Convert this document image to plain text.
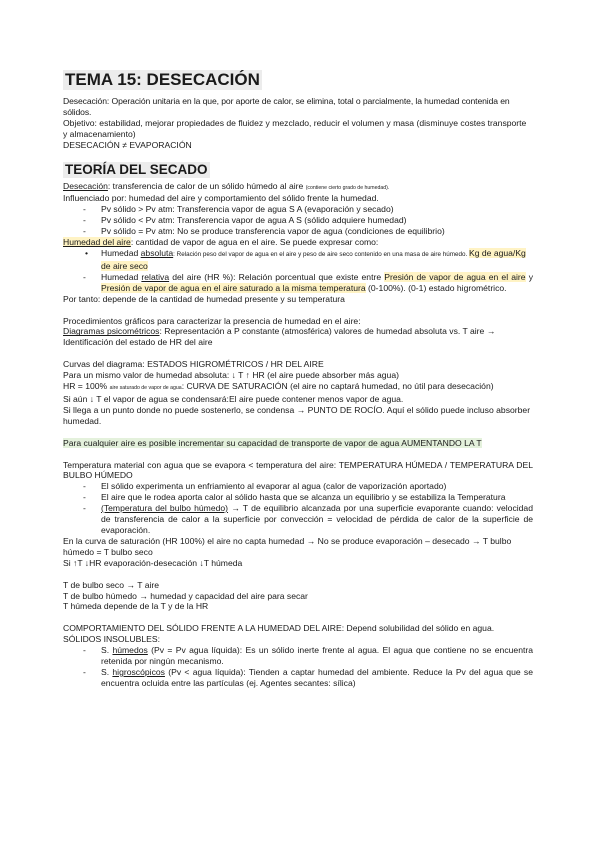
TEMA 15: DESECACIÓN

Desecación: Operación unitaria en la que, por aporte de calor, se elimina, total o parcialmente, la humedad contenida en sólidos.

Objetivo: estabilidad, mejorar propiedades de fluidez y mezclado, reducir el volumen y masa (disminuye costes transporte y almacenamiento)

DESECACIÓN ≠ EVAPORACIÓN

TEORÍA DEL SECADO

Desecación: transferencia de calor de un sólido húmedo al aire (contiene cierto grado de humedad).

Influenciado por: humedad del aire y comportamiento del sólido frente la humedad.

- Pv sólido > Pv atm: Transferencia vapor de agua S A (evaporación y secado)
- Pv sólido < Pv atm: Transferencia vapor de agua A S (sólido adquiere humedad)
- Pv sólido = Pv atm: No se produce transferencia vapor de agua (condiciones de equilibrio)

Humedad del aire: cantidad de vapor de agua en el aire. Se puede expresar como:

• Humedad absoluta: Relación peso del vapor de agua en el aire y peso de aire seco contenido en una masa de aire húmedo. Kg de agua/Kg de aire seco
- Humedad relativa del aire (HR %): Relación porcentual que existe entre Presión de vapor de agua en el aire y Presión de vapor de agua en el aire saturado a la misma temperatura (0-100%). (0-1) estado higrométrico.

Por tanto: depende de la cantidad de humedad presente y su temperatura

Procedimientos gráficos para caracterizar la presencia de humedad en el aire:

Diagramas psicométricos: Representación a P constante (atmosférica) valores de humedad absoluta vs. T aire → Identificación del estado de HR del aire

Curvas del diagrama: ESTADOS HIGROMÉTRICOS / HR DEL AIRE

Para un mismo valor de humedad absoluta: ↓ T ↑ HR (el aire puede absorber más agua)

HR = 100% aire saturado de vapor de agua: CURVA DE SATURACIÓN (el aire no captará humedad, no útil para desecación)

Si aún ↓ T el vapor de agua se condensará:El aire puede contener menos vapor de agua.

Si llega a un punto donde no puede sostenerlo, se condensa → PUNTO DE ROCÍO. Aquí el sólido puede incluso absorber humedad.

Para cualquier aire es posible incrementar su capacidad de transporte de vapor de agua AUMENTANDO LA T

Temperatura material con agua que se evapora < temperatura del aire: TEMPERATURA HÚMEDA / TEMPERATURA DEL BULBO HÚMEDO

- El sólido experimenta un enfriamiento al evaporar al agua (calor de vaporización aportado)
- El aire que le rodea aporta calor al sólido hasta que se alcanza un equilibrio y se estabiliza la Temperatura
- (Temperatura del bulbo húmedo) → T de equilibrio alcanzada por una superficie evaporante cuando: velocidad de transferencia de calor a la superficie por convección = velocidad de pérdida de calor de la superficie de evaporación.

En la curva de saturación (HR 100%) el aire no capta humedad → No se produce evaporación – desecado → T bulbo húmedo = T bulbo seco

Si ↑T ↓HR evaporación-desecación ↓T húmeda

T de bulbo seco → T aire

T de bulbo húmedo → humedad y capacidad del aire para secar

T húmeda depende de la T y de la HR

COMPORTAMIENTO DEL SÓLIDO FRENTE A LA HUMEDAD DEL AIRE: Depend solubilidad del sólido en agua.

SÓLIDOS INSOLUBLES:

- S. húmedos (Pv = Pv agua líquida): Es un sólido inerte frente al agua. El agua que contiene no se encuentra retenida por ningún mecanismo.
- S. higroscópicos (Pv < agua líquida): Tienden a captar humedad del ambiente. Reduce la Pv del agua que se encuentra ocluida entre las partículas (ej. Agentes secantes: sílica)
